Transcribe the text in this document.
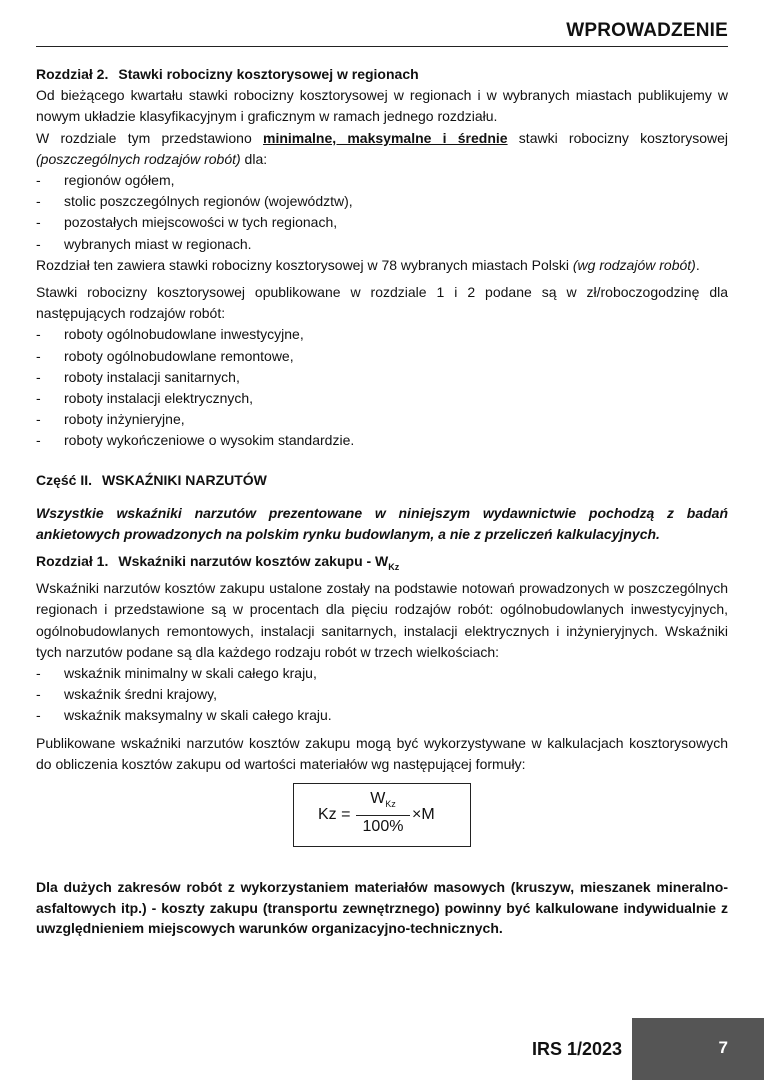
WPROWADZENIE

Rozdział 2. Stawki robocizny kosztorysowej w regionach

Od bieżącego kwartału stawki robocizny kosztorysowej w regionach i w wybranych miastach publikujemy w nowym układzie klasyfikacyjnym i graficznym w ramach jednego rozdziału.

W rozdziale tym przedstawiono minimalne, maksymalne i średnie stawki robocizny kosztorysowej (poszczególnych rodzajów robót) dla:

- regionów ogółem,
- stolic poszczególnych regionów (województw),
- pozostałych miejscowości w tych regionach,
- wybranych miast w regionach.

Rozdział ten zawiera stawki robocizny kosztorysowej w 78 wybranych miastach Polski (wg rodzajów robót).

Stawki robocizny kosztorysowej opublikowane w rozdziale 1 i 2 podane są w zł/roboczogodzinę dla następujących rodzajów robót:

- roboty ogólnobudowlane inwestycyjne,
- roboty ogólnobudowlane remontowe,
- roboty instalacji sanitarnych,
- roboty instalacji elektrycznych,
- roboty inżynieryjne,
- roboty wykończeniowe o wysokim standardzie.

Część II. WSKAŹNIKI NARZUTÓW

Wszystkie wskaźniki narzutów prezentowane w niniejszym wydawnictwie pochodzą z badań ankietowych prowadzonych na polskim rynku budowlanym, a nie z przeliczeń kalkulacyjnych.

Rozdział 1. Wskaźniki narzutów kosztów zakupu - $W_{Kz}$

Wskaźniki narzutów kosztów zakupu ustalone zostały na podstawie notowań prowadzonych w poszczególnych regionach i przedstawione są w procentach dla pięciu rodzajów robót: ogólnobudowlanych inwestycyjnych, ogólnobudowlanych remontowych, instalacji sanitarnych, instalacji elektrycznych i inżynieryjnych. Wskaźniki tych narzutów podane są dla każdego rodzaju robót w trzech wielkościach:

- wskaźnik minimalny w skali całego kraju,
- wskaźnik średni krajowy,
- wskaźnik maksymalny w skali całego kraju.

Publikowane wskaźniki narzutów kosztów zakupu mogą być wykorzystywane w kalkulacjach kosztorysowych do obliczenia kosztów zakupu od wartości materiałów wg następującej formuły:

Kz =
$W_{Kz}$
100%
×M

Dla dużych zakresów robót z wykorzystaniem materiałów masowych (kruszyw, mieszanek mineralno-asfaltowych itp.) - koszty zakupu (transportu zewnętrznego) powinny być kalkulowane indywidualnie z uwzględnieniem miejscowych warunków organizacyjno-technicznych.

IRS 1/2023	7
